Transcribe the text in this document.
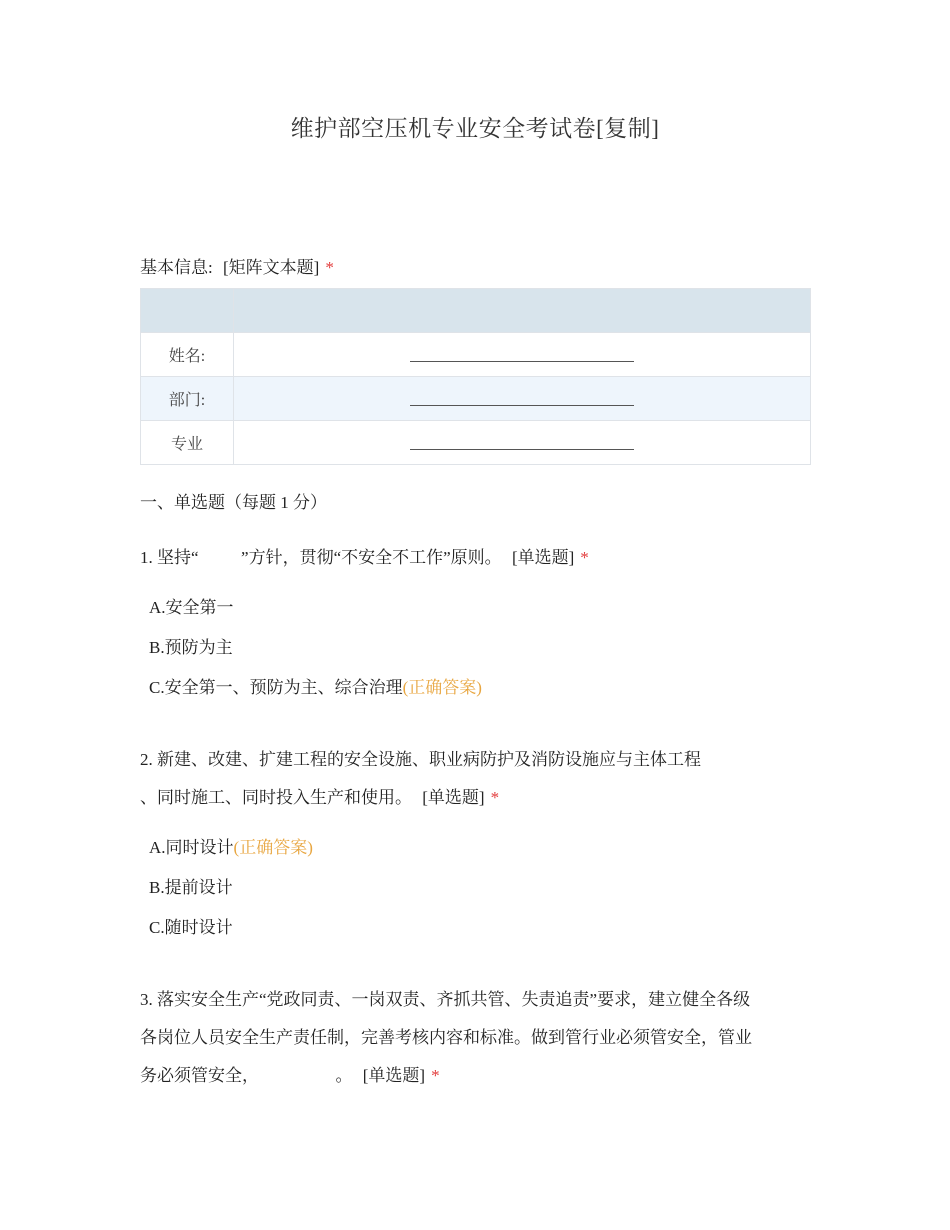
维护部空压机专业安全考试卷[复制]
基本信息: [矩阵文本题] *

姓名:	
部门:	
专业	
一、单选题（每题 1 分）
1. 坚持“ 　　 ”方针，贯彻“不安全不工作”原则。 [单选题] *
A.安全第一
B.预防为主
C.安全第一、预防为主、综合治理(正确答案)
2. 新建、改建、扩建工程的安全设施、职业病防护及消防设施应与主体工程
、同时施工、同时投入生产和使用。 [单选题] *
A.同时设计(正确答案)
B.提前设计
C.随时设计
3. 落实安全生产“党政同责、一岗双责、齐抓共管、失责追责”要求，建立健全各级
各岗位人员安全生产责任制，完善考核内容和标准。做到管行业必须管安全，管业
务必须管安全，　　　　　。 [单选题] *
